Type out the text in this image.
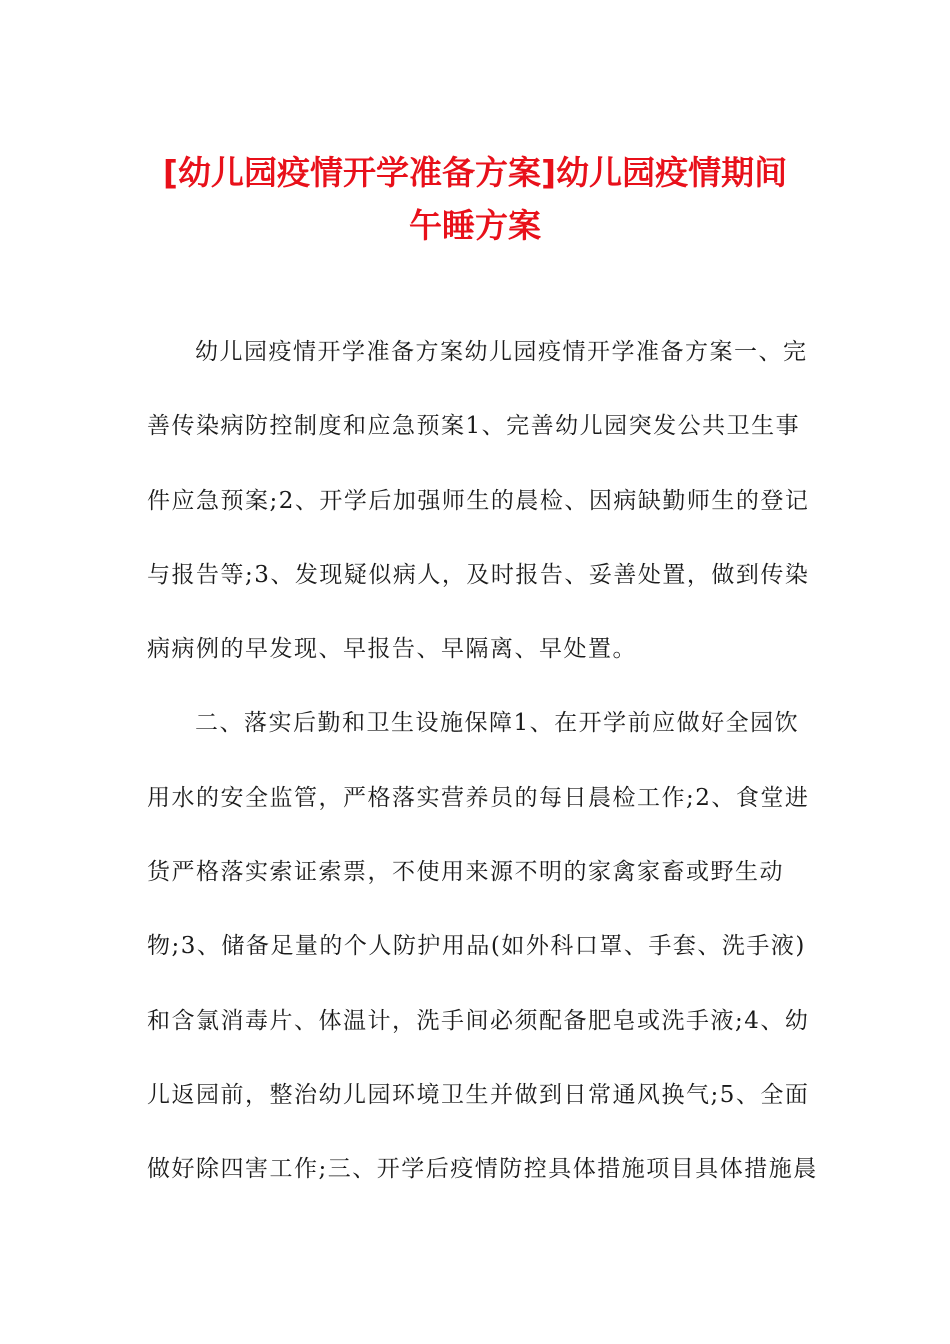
[幼儿园疫情开学准备方案]幼儿园疫情期间
午睡方案
幼儿园疫情开学准备方案幼儿园疫情开学准备方案一、完
善传染病防控制度和应急预案1、完善幼儿园突发公共卫生事
件应急预案;2、开学后加强师生的晨检、因病缺勤师生的登记
与报告等;3、发现疑似病人，及时报告、妥善处置，做到传染
病病例的早发现、早报告、早隔离、早处置。
二、落实后勤和卫生设施保障1、在开学前应做好全园饮
用水的安全监管，严格落实营养员的每日晨检工作;2、食堂进
货严格落实索证索票，不使用来源不明的家禽家畜或野生动
物;3、储备足量的个人防护用品(如外科口罩、手套、洗手液)
和含氯消毒片、体温计，洗手间必须配备肥皂或洗手液;4、幼
儿返园前，整治幼儿园环境卫生并做到日常通风换气;5、全面
做好除四害工作;三、开学后疫情防控具体措施项目具体措施晨
